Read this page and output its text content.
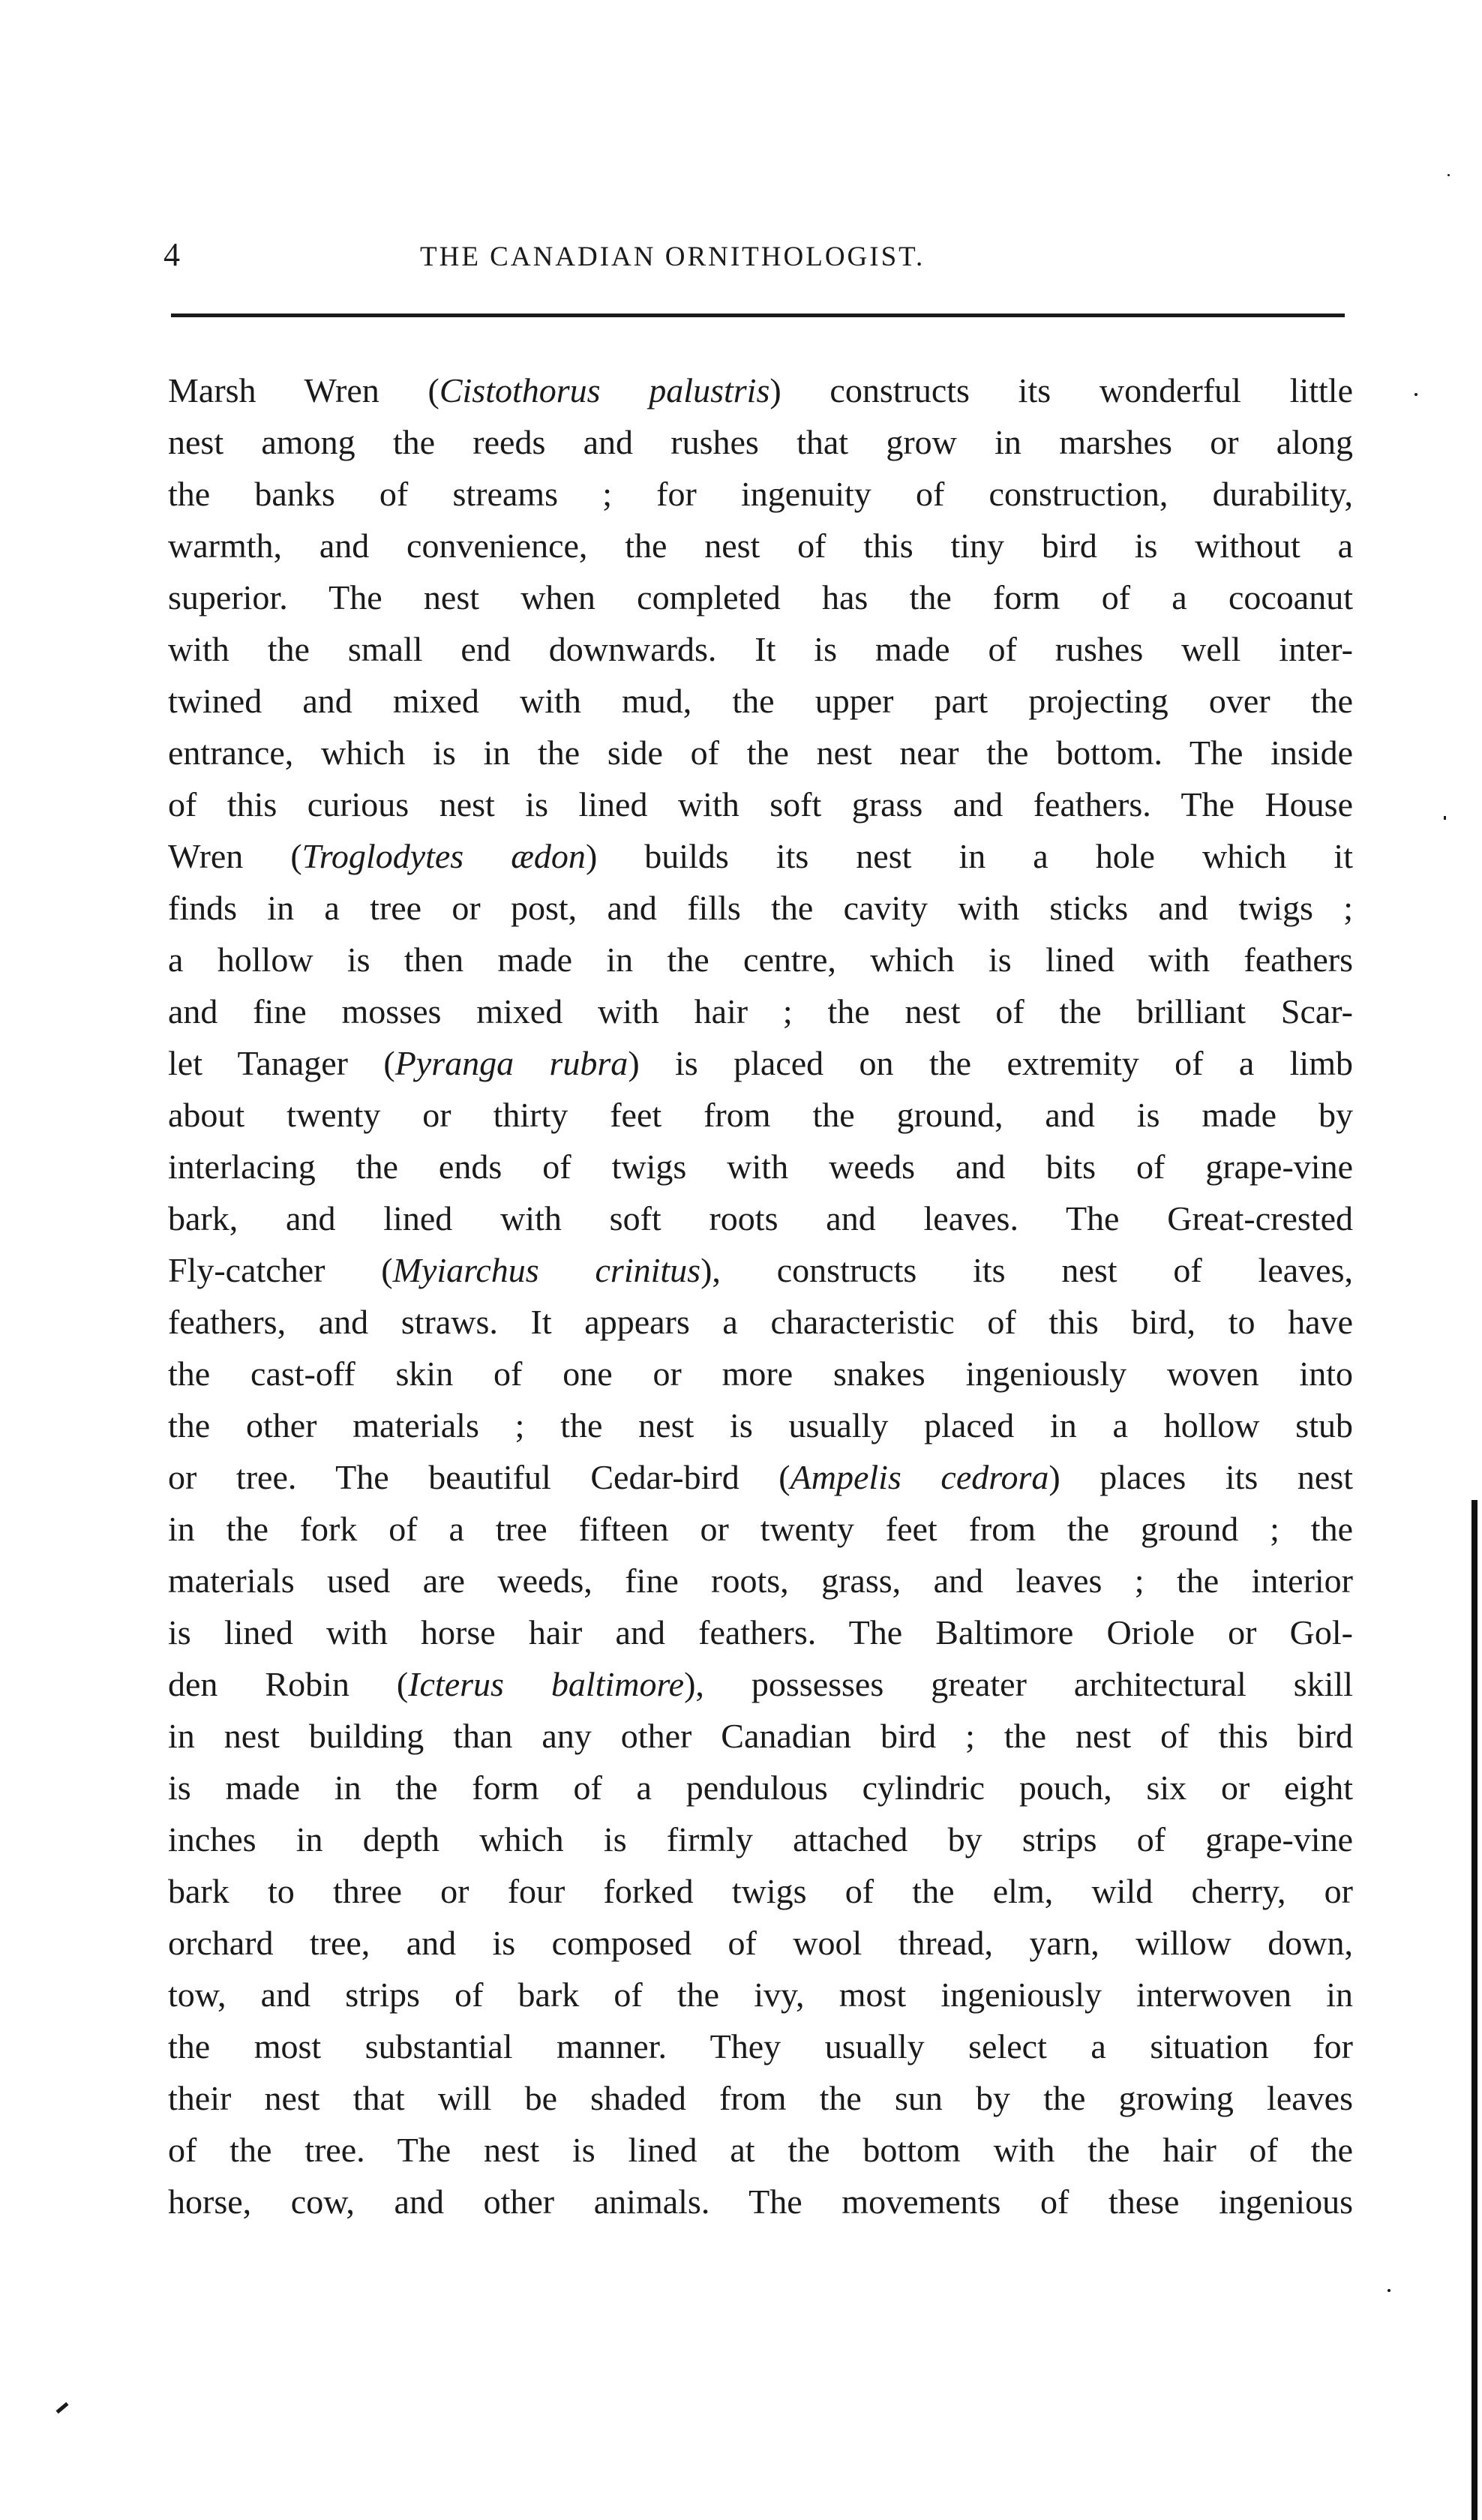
4	THE CANADIAN ORNITHOLOGIST.
Marsh Wren (Cistothorus palustris) constructs its wonderful little
nest among the reeds and rushes that grow in marshes or along
the banks of streams ; for ingenuity of construction, durability,
warmth, and convenience, the nest of this tiny bird is without a
superior. The nest when completed has the form of a cocoanut
with the small end downwards. It is made of rushes well inter-
twined and mixed with mud, the upper part projecting over the
entrance, which is in the side of the nest near the bottom. The inside
of this curious nest is lined with soft grass and feathers. The House
Wren (Troglodytes ædon) builds its nest in a hole which it
finds in a tree or post, and fills the cavity with sticks and twigs ;
a hollow is then made in the centre, which is lined with feathers
and fine mosses mixed with hair ; the nest of the brilliant Scar-
let Tanager (Pyranga rubra) is placed on the extremity of a limb
about twenty or thirty feet from the ground, and is made by
interlacing the ends of twigs with weeds and bits of grape-vine
bark, and lined with soft roots and leaves. The Great-crested
Fly-catcher (Myiarchus crinitus), constructs its nest of leaves,
feathers, and straws. It appears a characteristic of this bird, to have
the cast-off skin of one or more snakes ingeniously woven into
the other materials ; the nest is usually placed in a hollow stub
or tree. The beautiful Cedar-bird (Ampelis cedrora) places its nest
in the fork of a tree fifteen or twenty feet from the ground ; the
materials used are weeds, fine roots, grass, and leaves ; the interior
is lined with horse hair and feathers. The Baltimore Oriole or Gol-
den Robin (Icterus baltimore), possesses greater architectural skill
in nest building than any other Canadian bird ; the nest of this bird
is made in the form of a pendulous cylindric pouch, six or eight
inches in depth which is firmly attached by strips of grape-vine
bark to three or four forked twigs of the elm, wild cherry, or
orchard tree, and is composed of wool thread, yarn, willow down,
tow, and strips of bark of the ivy, most ingeniously interwoven in
the most substantial manner. They usually select a situation for
their nest that will be shaded from the sun by the growing leaves
of the tree. The nest is lined at the bottom with the hair of the
horse, cow, and other animals. The movements of these ingenious
